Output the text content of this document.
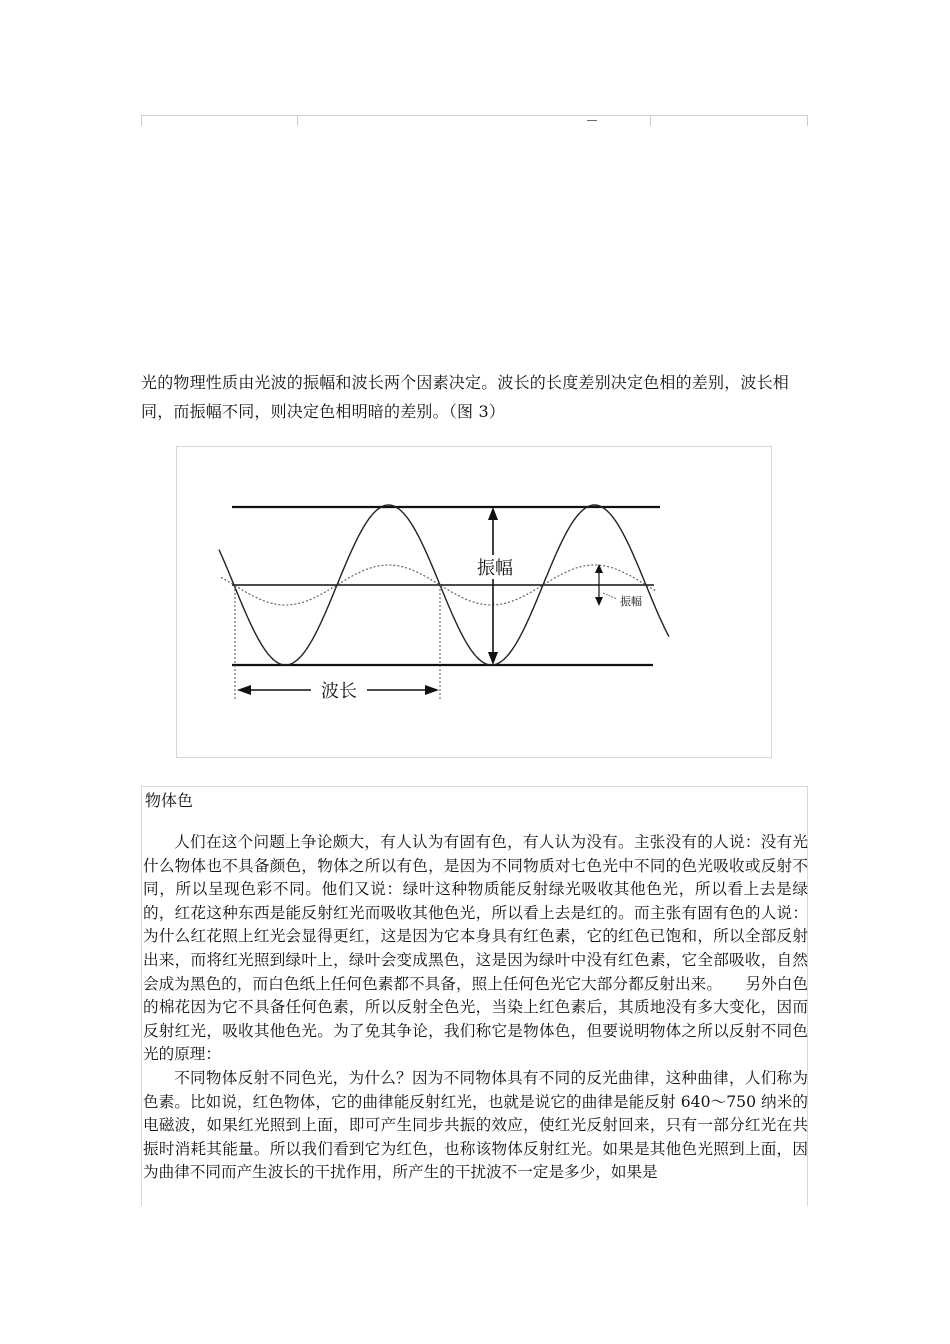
光的物理性质由光波的振幅和波长两个因素决定。波长的长度差别决定色相的差别，波长相同，而振幅不同，则决定色相明暗的差别。（图 3）

振幅
振幅
波长

物体色

人们在这个问题上争论颇大，有人认为有固有色，有人认为没有。主张没有的人说：没有光什么物体也不具备颜色，物体之所以有色，是因为不同物质对七色光中不同的色光吸收或反射不同，所以呈现色彩不同。他们又说：绿叶这种物质能反射绿光吸收其他色光，所以看上去是绿的，红花这种东西是能反射红光而吸收其他色光，所以看上去是红的。而主张有固有色的人说：为什么红花照上红光会显得更红，这是因为它本身具有红色素，它的红色已饱和，所以全部反射出来，而将红光照到绿叶上，绿叶会变成黑色，这是因为绿叶中没有红色素，它全部吸收，自然会成为黑色的，而白色纸上任何色素都不具备，照上任何色光它大部分都反射出来。　　另外白色的棉花因为它不具备任何色素，所以反射全色光，当染上红色素后，其质地没有多大变化，因而反射红光，吸收其他色光。为了免其争论，我们称它是物体色，但要说明物体之所以反射不同色光的原理：

不同物体反射不同色光，为什么？因为不同物体具有不同的反光曲律，这种曲律，人们称为色素。比如说，红色物体，它的曲律能反射红光，也就是说它的曲律是能反射 640～750 纳米的电磁波，如果红光照到上面，即可产生同步共振的效应，使红光反射回来，只有一部分红光在共振时消耗其能量。所以我们看到它为红色，也称该物体反射红光。如果是其他色光照到上面，因为曲律不同而产生波长的干扰作用，所产生的干扰波不一定是多少，如果是
